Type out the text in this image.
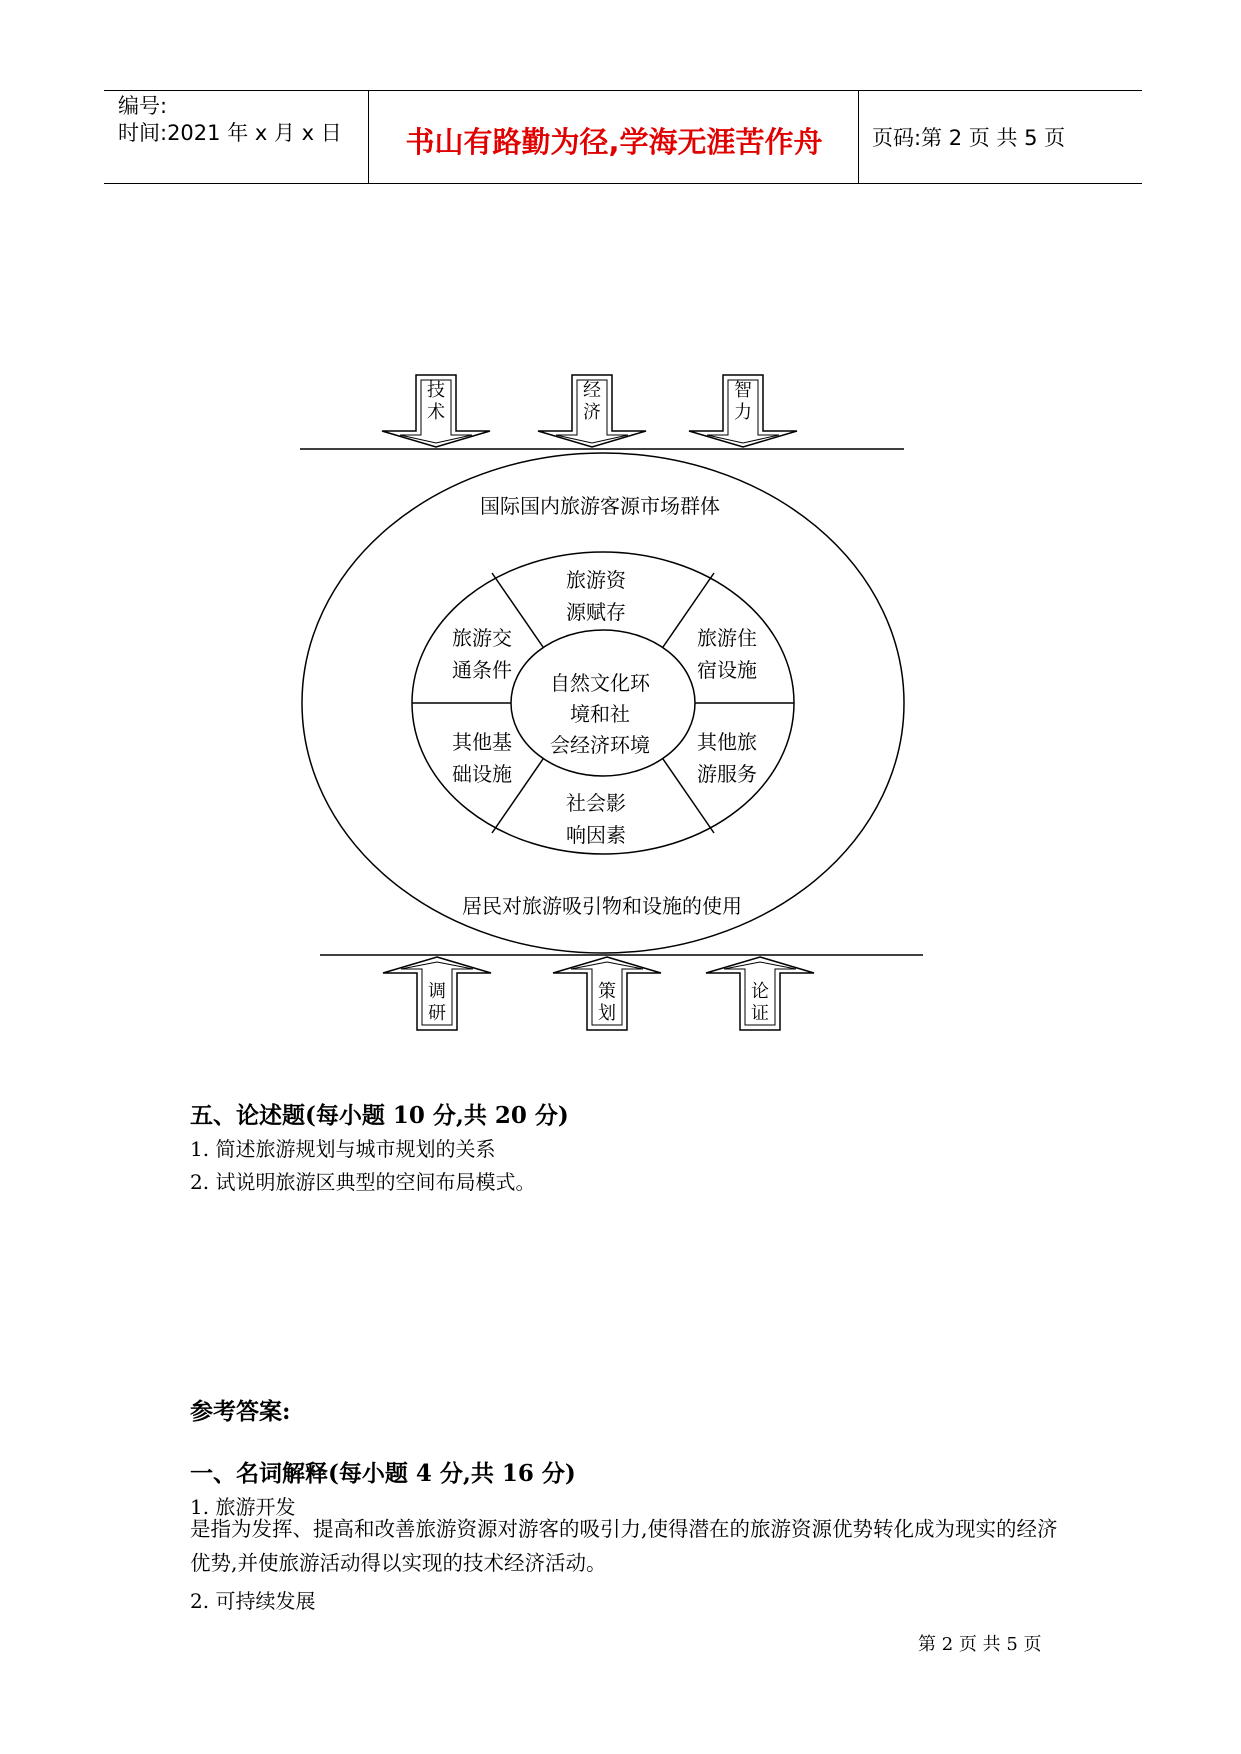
编号:
时间:2021 年 x 月 x 日	书山有路勤为径,学海无涯苦作舟	页码:第 2 页 共 5 页
国际国内旅游客源市场群体
居民对旅游吸引物和设施的使用
旅游资
源赋存
旅游交
通条件
旅游住
宿设施
其他基
础设施
其他旅
游服务
社会影
响因素
自然文化环
境和社
会经济环境
技术
经济
智力
调研
策划
论证
五、论述题(每小题 10 分,共 20 分)
1. 简述旅游规划与城市规划的关系
2. 试说明旅游区典型的空间布局模式。
参考答案:
一、名词解释(每小题 4 分,共 16 分)
1. 旅游开发
是指为发挥、提高和改善旅游资源对游客的吸引力,使得潜在的旅游资源优势转化成为现实的经济优势,并使旅游活动得以实现的技术经济活动。
2. 可持续发展
第 2 页 共 5 页
